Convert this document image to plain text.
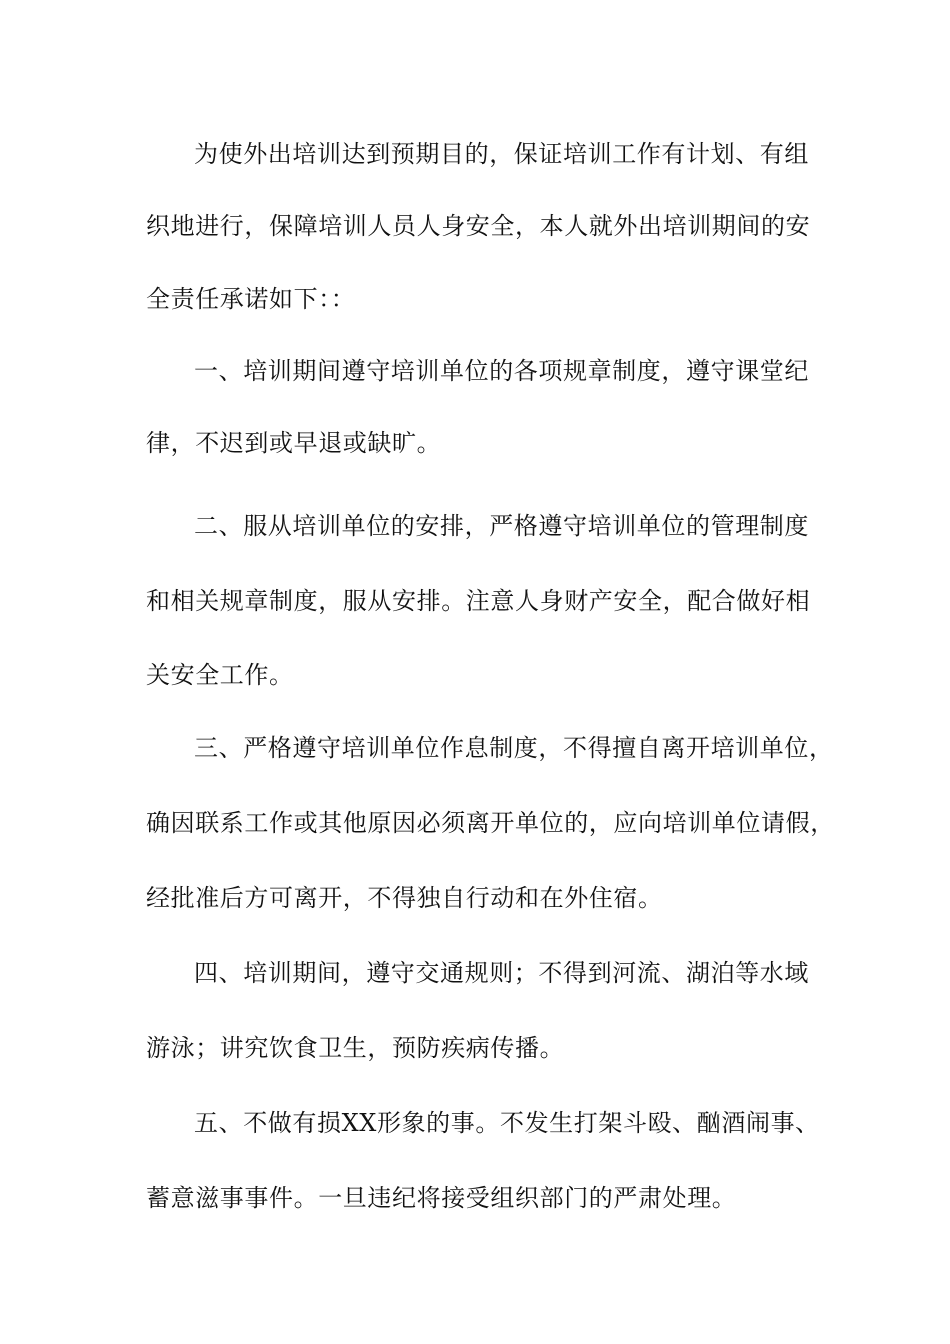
为使外出培训达到预期目的，保证培训工作有计划、有组
织地进行，保障培训人员人身安全，本人就外出培训期间的安
全责任承诺如下：：
一、培训期间遵守培训单位的各项规章制度，遵守课堂纪
律，不迟到或早退或缺旷。
二、服从培训单位的安排，严格遵守培训单位的管理制度
和相关规章制度，服从安排。注意人身财产安全，配合做好相
关安全工作。
三、严格遵守培训单位作息制度，不得擅自离开培训单位，
确因联系工作或其他原因必须离开单位的，应向培训单位请假，
经批准后方可离开，不得独自行动和在外住宿。
四、培训期间，遵守交通规则；不得到河流、湖泊等水域
游泳；讲究饮食卫生，预防疾病传播。
五、不做有损XX形象的事。不发生打架斗殴、酗酒闹事、
蓄意滋事事件。一旦违纪将接受组织部门的严肃处理。
